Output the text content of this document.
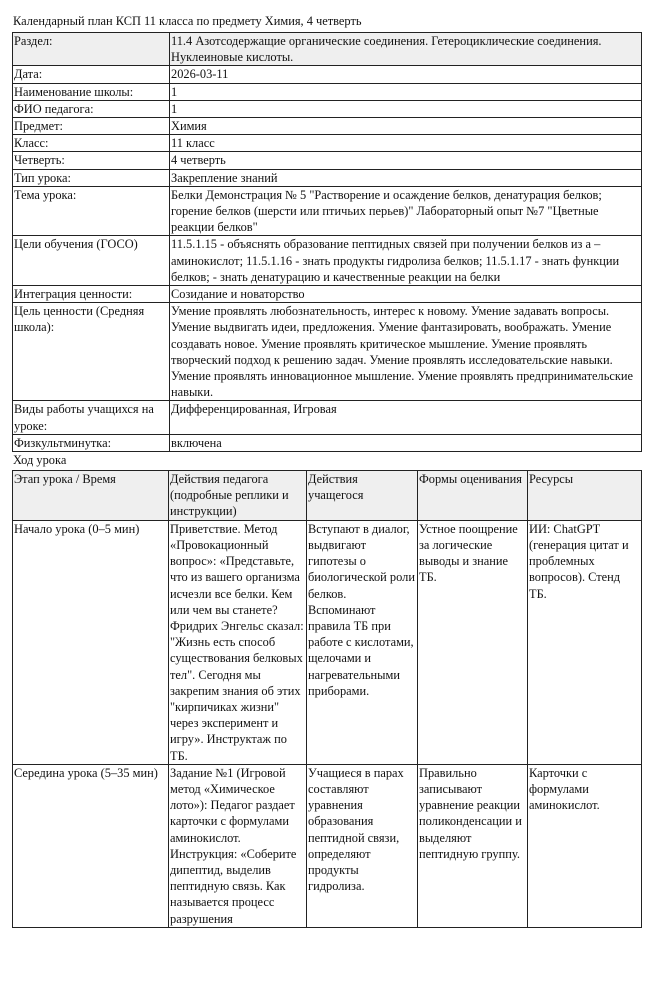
Календарный план КСП 11 класса по предмету Химия, 4 четверть
Раздел:	11.4 Азотсодержащие органические соединения. Гетероциклические соединения. Нуклеиновые кислоты.
Дата:	2026-03-11
Наименование школы:	1
ФИО педагога:	1
Предмет:	Химия
Класс:	11 класс
Четверть:	4 четверть
Тип урока:	Закрепление знаний
Тема урока:	Белки Демонстрация № 5 "Растворение и осаждение белков, денатурация белков; горение белков (шерсти или птичьих перьев)" Лабораторный опыт №7 "Цветные реакции белков"
Цели обучения (ГОСО)	11.5.1.15 - объяснять образование пептидных связей при получении белков из а – аминокислот; 11.5.1.16 - знать продукты гидролиза белков; 11.5.1.17 - знать функции белков; - знать денатурацию и качественные реакции на белки
Интеграция ценности:	Созидание и новаторство
Цель ценности (Средняя школа):	Умение проявлять любознательность, интерес к новому. Умение задавать вопросы. Умение выдвигать идеи, предложения. Умение фантазировать, воображать. Умение создавать новое. Умение проявлять критическое мышление. Умение проявлять творческий подход к решению задач. Умение проявлять исследовательские навыки. Умение проявлять инновационное мышление. Умение проявлять предпринимательские навыки.
Виды работы учащихся на уроке:	Дифференцированная, Игровая
Физкультминутка:	включена
Ход урока
Этап урока / Время	Действия педагога (подробные реплики и инструкции)	Действия учащегося	Формы оценивания	Ресурсы
Начало урока (0–5 мин)	Приветствие. Метод «Провокационный вопрос»: «Представьте, что из вашего организма исчезли все белки. Кем или чем вы станете? Фридрих Энгельс сказал: "Жизнь есть способ существования белковых тел". Сегодня мы закрепим знания об этих "кирпичиках жизни" через эксперимент и игру». Инструктаж по ТБ.	Вступают в диалог, выдвигают гипотезы о биологической роли белков. Вспоминают правила ТБ при работе с кислотами, щелочами и нагревательными приборами.	Устное поощрение за логические выводы и знание ТБ.	ИИ: ChatGPT (генерация цитат и проблемных вопросов). Стенд ТБ.
Середина урока (5–35 мин)	Задание №1 (Игровой метод «Химическое лото»): Педагог раздает карточки с формулами аминокислот. Инструкция: «Соберите дипептид, выделив пептидную связь. Как называется процесс разрушения	Учащиеся в парах составляют уравнения образования пептидной связи, определяют продукты гидролиза.	Правильно записывают уравнение реакции поликонденсации и выделяют пептидную группу.	Карточки с формулами аминокислот.
